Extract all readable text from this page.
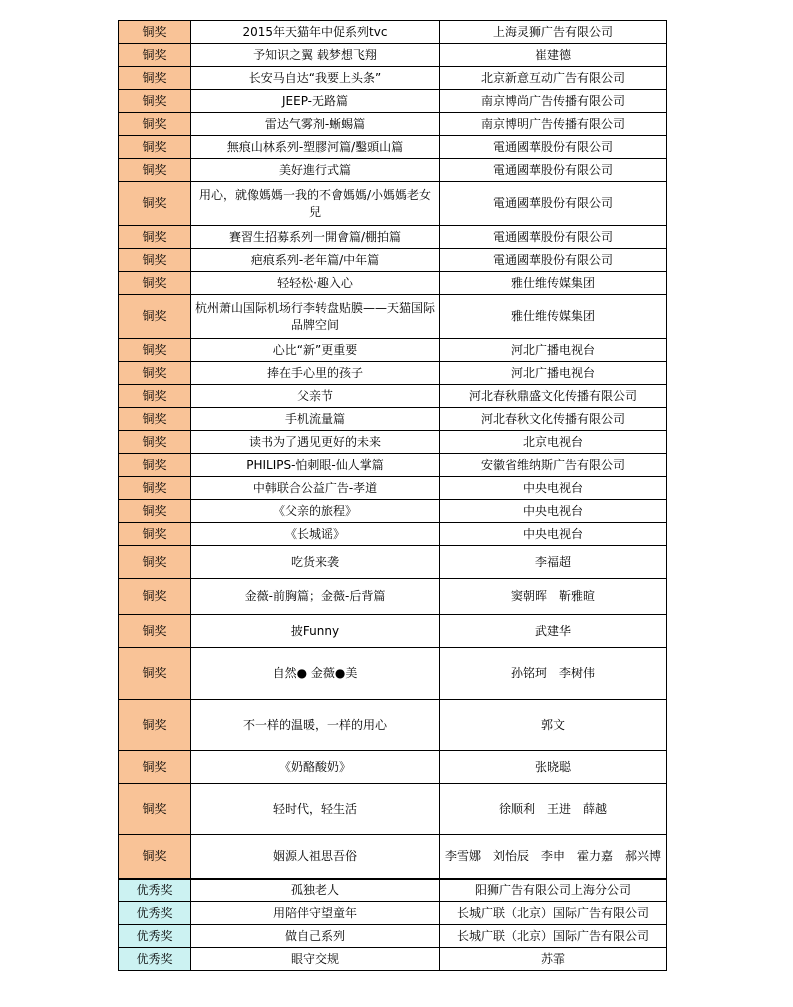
铜奖	2015年天猫年中促系列tvc	上海灵狮广告有限公司
铜奖	予知识之翼 载梦想飞翔	崔建德
铜奖	长安马自达“我要上头条”	北京新意互动广告有限公司
铜奖	JEEP-无路篇	南京博尚广告传播有限公司
铜奖	雷达气雾剂-蜥蜴篇	南京博明广告传播有限公司
铜奖	無痕山林系列-塑膠河篇/鑿頭山篇	電通國華股份有限公司
铜奖	美好進行式篇	電通國華股份有限公司
铜奖	用心，就像媽媽一我的不會媽媽/小媽媽老女兒	電通國華股份有限公司
铜奖	賽習生招募系列一開會篇/棚拍篇	電通國華股份有限公司
铜奖	疤痕系列-老年篇/中年篇	電通國華股份有限公司
铜奖	轻轻松·趣入心	雅仕维传媒集团
铜奖	杭州萧山国际机场行李转盘贴膜——天猫国际品牌空间	雅仕维传媒集团
铜奖	心比“新”更重要	河北广播电视台
铜奖	捧在手心里的孩子	河北广播电视台
铜奖	父亲节	河北春秋鼎盛文化传播有限公司
铜奖	手机流量篇	河北春秋文化传播有限公司
铜奖	读书为了遇见更好的未来	北京电视台
铜奖	PHILIPS-怕刺眼-仙人掌篇	安徽省维纳斯广告有限公司
铜奖	中韩联合公益广告-孝道	中央电视台
铜奖	《父亲的旅程》	中央电视台
铜奖	《长城谣》	中央电视台
铜奖	吃货来袭	李福超
铜奖	金薇-前胸篇；金薇-后背篇	窦朝晖　靳雅暄
铜奖	披Funny	武建华
铜奖	自然● 金薇●美	孙铭珂　李树伟
铜奖	不一样的温暖，一样的用心	郭文
铜奖	《奶酪酸奶》	张晓聪
铜奖	轻时代，轻生活	徐顺利　王进　薛越
铜奖	姻源人祖思吾俗	李雪娜　刘怡辰　李申　霍力嘉　郝兴博
优秀奖	孤独老人	阳狮广告有限公司上海分公司
优秀奖	用陪伴守望童年	长城广联（北京）国际广告有限公司
优秀奖	做自己系列	长城广联（北京）国际广告有限公司
优秀奖	眼守交规	苏霏
